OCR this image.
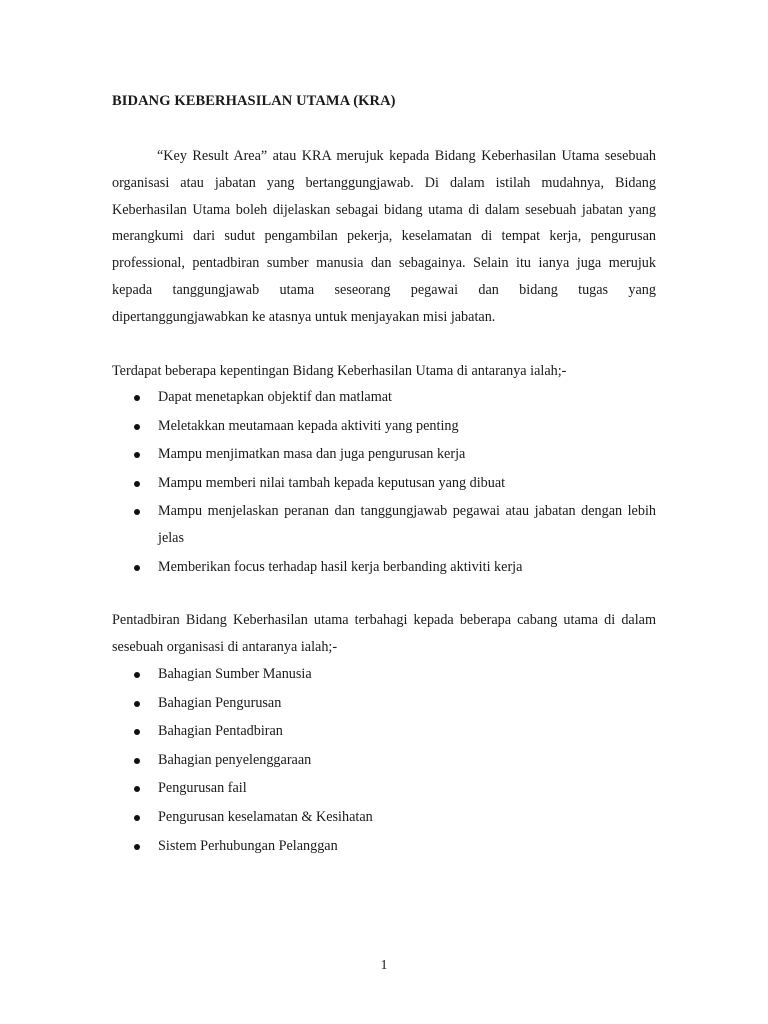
BIDANG KEBERHASILAN UTAMA (KRA)

“Key Result Area” atau KRA merujuk kepada Bidang Keberhasilan Utama sesebuah organisasi atau jabatan yang bertanggungjawab. Di dalam istilah mudahnya, Bidang Keberhasilan Utama boleh dijelaskan sebagai bidang utama di dalam sesebuah jabatan yang merangkumi dari sudut pengambilan pekerja, keselamatan di tempat kerja, pengurusan professional, pentadbiran sumber manusia dan sebagainya. Selain itu ianya juga merujuk kepada tanggungjawab utama seseorang pegawai dan bidang tugas yang dipertanggungjawabkan ke atasnya untuk menjayakan misi jabatan.

Terdapat beberapa kepentingan Bidang Keberhasilan Utama di antaranya ialah;-

Dapat menetapkan objektif dan matlamat
Meletakkan meutamaan kepada aktiviti yang penting
Mampu menjimatkan masa dan juga pengurusan kerja
Mampu memberi nilai tambah kepada keputusan yang dibuat
Mampu menjelaskan peranan dan tanggungjawab pegawai atau jabatan dengan lebih jelas
Memberikan focus terhadap hasil kerja berbanding aktiviti kerja

Pentadbiran Bidang Keberhasilan utama terbahagi kepada beberapa cabang utama di dalam sesebuah organisasi di antaranya ialah;-

Bahagian Sumber Manusia
Bahagian Pengurusan
Bahagian Pentadbiran
Bahagian penyelenggaraan
Pengurusan fail
Pengurusan keselamatan & Kesihatan
Sistem Perhubungan Pelanggan
1
